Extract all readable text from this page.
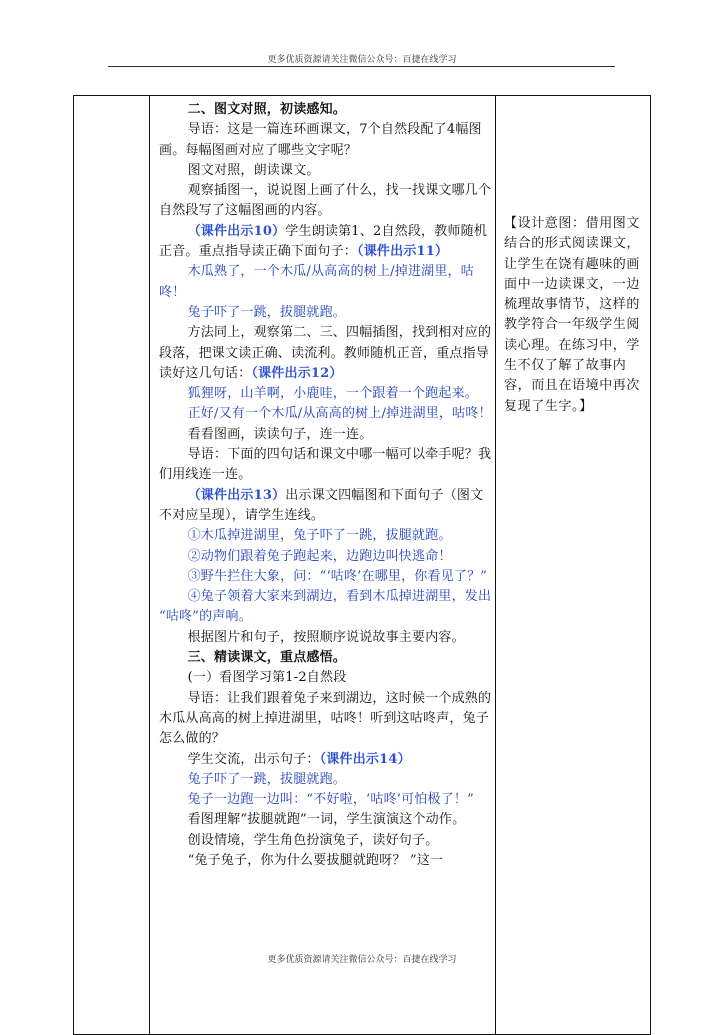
更多优质资源请关注微信公众号：百捷在线学习

二、图文对照，初读感知。

导语：这是一篇连环画课文，7个自然段配了4幅图画。每幅图画对应了哪些文字呢？

图文对照，朗读课文。

观察插图一，说说图上画了什么，找一找课文哪几个自然段写了这幅图画的内容。

（课件出示10）学生朗读第1、2自然段，教师随机正音。重点指导读正确下面句子：（课件出示11）

木瓜熟了，一个木瓜/从高高的树上/掉进湖里，咕咚！

兔子吓了一跳，拔腿就跑。

方法同上，观察第二、三、四幅插图，找到相对应的段落，把课文读正确、读流利。教师随机正音，重点指导读好这几句话：（课件出示12）

狐狸呀，山羊啊，小鹿哇，一个跟着一个跑起来。

正好/又有一个木瓜/从高高的树上/掉进湖里，咕咚！

看看图画，读读句子，连一连。

导语：下面的四句话和课文中哪一幅可以牵手呢？我们用线连一连。

（课件出示13）出示课文四幅图和下面句子（图文不对应呈现），请学生连线。

①木瓜掉进湖里，兔子吓了一跳，拔腿就跑。

②动物们跟着兔子跑起来，边跑边叫快逃命！

③野牛拦住大象，问：“‘咕咚’在哪里，你看见了？”

④兔子领着大家来到湖边，看到木瓜掉进湖里，发出 “咕咚”的声响。

根据图片和句子，按照顺序说说故事主要内容。

三、精读课文，重点感悟。

(一）看图学习第1-2自然段

导语：让我们跟着兔子来到湖边，这时候一个成熟的 木瓜从高高的树上掉进湖里，咕咚！听到这咕咚声，兔子怎么做的？

学生交流，出示句子：（课件出示14）

兔子吓了一跳，拔腿就跑。

兔子一边跑一边叫：“不好啦，‘咕咚’可怕极了！”

看图理解“拔腿就跑”一词，学生演演这个动作。

创设情境，学生角色扮演兔子，读好句子。

“兔子兔子，你为什么要拔腿就跑呀？ ”这一

【设计意图：借用图文结合的形式阅读课文，让学生在饶有趣味的画面中一边读课文，一边梳理故事情节，这样的教学符合一年级学生阅读心理。在练习中，学生不仅了解了故事内容，而且在语境中再次复现了生字。】
更多优质资源请关注微信公众号：百捷在线学习
